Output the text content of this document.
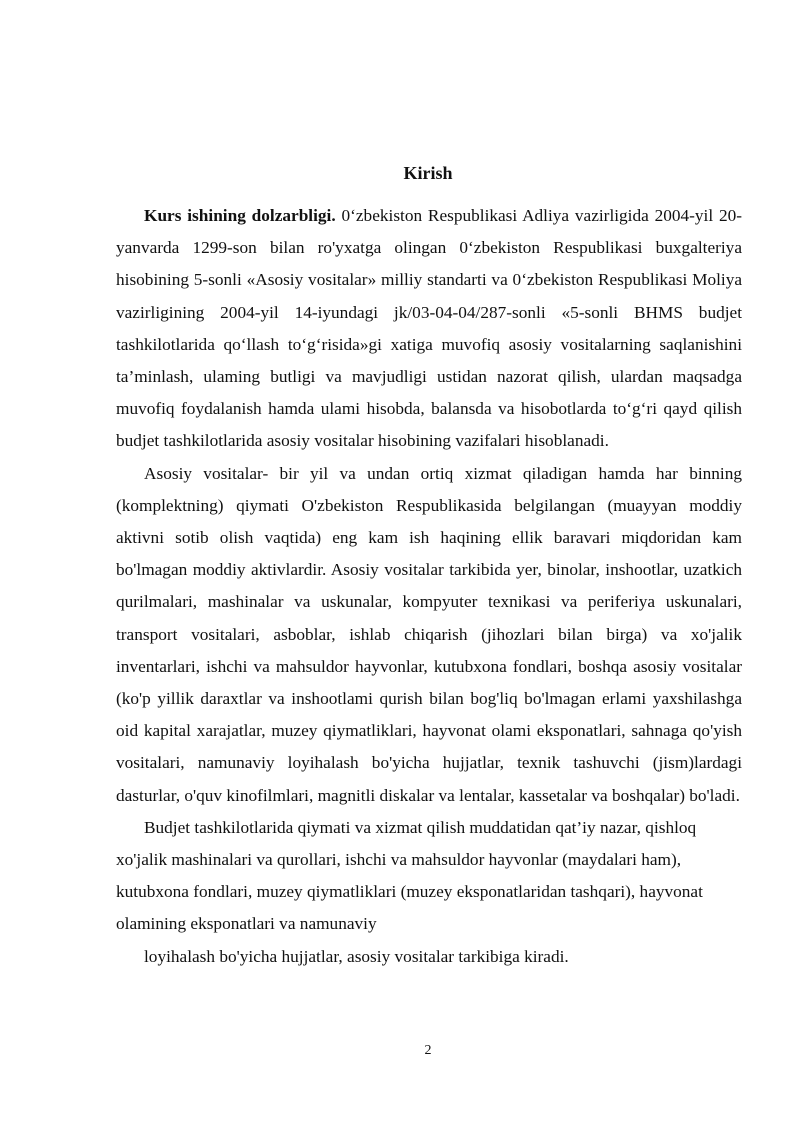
Kirish

Kurs ishining dolzarbligi. 0‘zbekiston Respublikasi Adliya vazirligida 2004-yil 20-yanvarda 1299-son bilan ro'yxatga olingan 0‘zbekiston Respublikasi buxgalteriya hisobining 5-sonli «Asosiy vositalar» milliy standarti va 0‘zbekiston Respublikasi Moliya vazirligining 2004-yil 14-iyundagi jk/03-04-04/287-sonli «5-sonli BHMS budjet tashkilotlarida qo‘llash to‘g‘risida»gi xatiga muvofiq asosiy vositalarning saqlanishini ta’minlash, ulaming butligi va mavjudligi ustidan nazorat qilish, ulardan maqsadga muvofiq foydalanish hamda ulami hisobda, balansda va hisobotlarda to‘g‘ri qayd qilish budjet tashkilotlarida asosiy vositalar hisobining vazifalari hisoblanadi.

Asosiy vositalar- bir yil va undan ortiq xizmat qiladigan hamda har binning (komplektning) qiymati O'zbekiston Respublikasida belgilangan (muayyan moddiy aktivni sotib olish vaqtida) eng kam ish haqining ellik baravari miqdoridan kam bo'lmagan moddiy aktivlardir. Asosiy vositalar tarkibida yer, binolar, inshootlar, uzatkich qurilmalari, mashinalar va uskunalar, kompyuter texnikasi va periferiya uskunalari, transport vositalari, asboblar, ishlab chiqarish (jihozlari bilan birga) va xo'jalik inventarlari, ishchi va mahsuldor hayvonlar, kutubxona fondlari, boshqa asosiy vositalar (ko'p yillik daraxtlar va inshootlami qurish bilan bog'liq bo'lmagan erlami yaxshilashga oid kapital xarajatlar, muzey qiymatliklari, hayvonat olami eksponatlari, sahnaga qo'yish vositalari, namunaviy loyihalash bo'yicha hujjatlar, texnik tashuvchi (jism)lardagi dasturlar, o'quv kinofilmlari, magnitli diskalar va lentalar, kassetalar va boshqalar) bo'ladi.

Budjet tashkilotlarida qiymati va xizmat qilish muddatidan qat’iy nazar, qishloq xo'jalik mashinalari va qurollari, ishchi va mahsuldor hayvonlar (maydalari ham), kutubxona fondlari, muzey qiymatliklari (muzey eksponatlaridan tashqari), hayvonat olamining eksponatlari va namunaviy

loyihalash bo'yicha hujjatlar, asosiy vositalar tarkibiga kiradi.

2
